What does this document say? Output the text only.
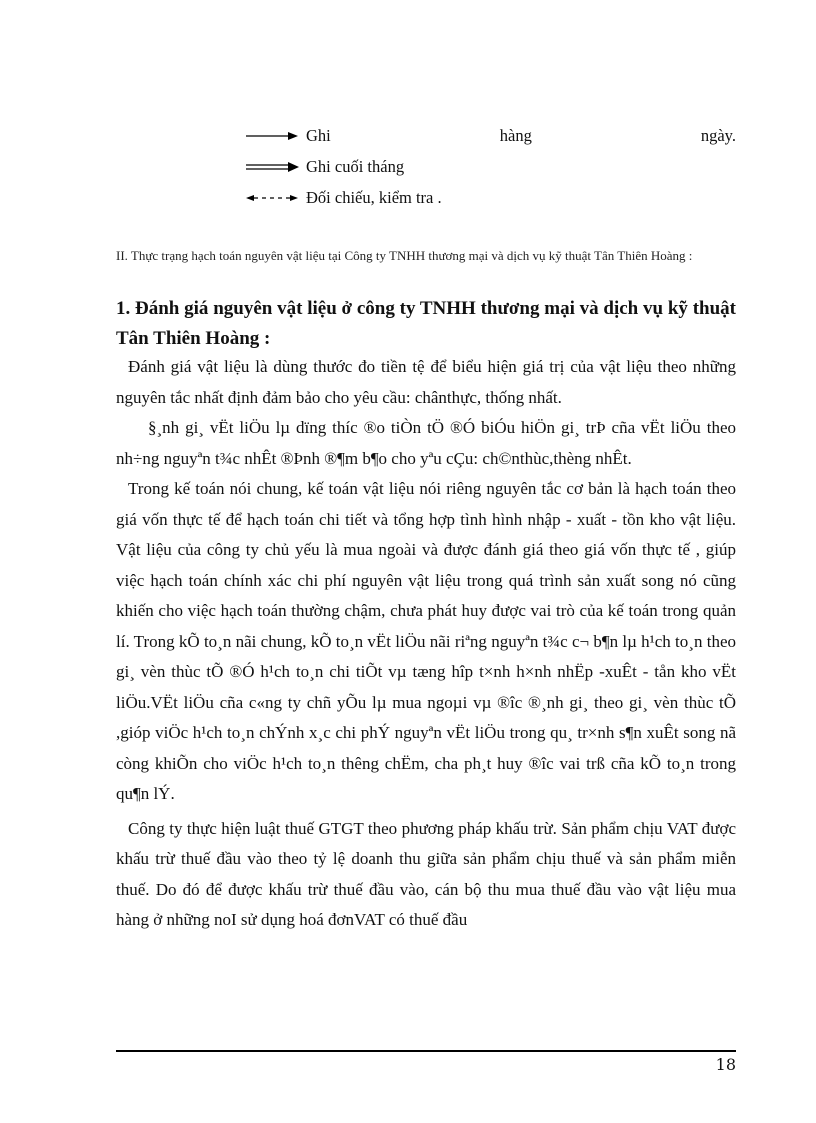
Ghi	hàng	ngày.
Ghi cuối tháng
Đối chiếu, kiểm tra .
II. Thực trạng hạch toán nguyên vật liệu tại Công ty TNHH thương mại và dịch vụ kỹ thuật Tân Thiên Hoàng :
1. Đánh giá nguyên vật liệu ở công ty TNHH thương mại và dịch vụ kỹ thuật Tân Thiên Hoàng :

Đánh giá vật liệu là dùng thước đo tiền tệ để biểu hiện giá trị của vật liệu theo những nguyên tắc nhất định đảm bảo cho yêu cầu: chânthực, thống nhất.

§¸nh gi¸ vËt liÖu lµ dïng thíc ®o tiÒn tÖ ®Ó biÓu hiÖn gi¸ trÞ cña vËt liÖu theo nh÷ng nguyªn t¾c nhÊt ®Þnh ®¶m b¶o cho yªu cÇu: ch©nthùc,thèng nhÊt.

Trong kế toán nói chung, kế toán vật liệu nói riêng nguyên tắc cơ bản là hạch toán theo giá vốn thực tế để hạch toán chi tiết và tổng hợp tình hình nhập - xuất - tồn kho vật liệu. Vật liệu của công ty chủ yếu là mua ngoài và được đánh giá theo giá vốn thực tế , giúp việc hạch toán chính xác chi phí nguyên vật liệu trong quá trình sản xuất song nó cũng khiến cho việc hạch toán thường chậm, chưa phát huy được vai trò của kế toán trong quản lí. Trong kÕ to¸n nãi chung, kÕ to¸n vËt liÖu nãi riªng nguyªn t¾c c¬ b¶n lµ h¹ch to¸n theo gi¸ vèn thùc tÕ ®Ó h¹ch to¸n chi tiÕt vµ tæng hîp t×nh h×nh nhËp -xuÊt - tån kho vËt liÖu.VËt liÖu cña c«ng ty chñ yÕu lµ mua ngoµi vµ ®îc ®¸nh gi¸ theo gi¸ vèn thùc tÕ ,gióp viÖc h¹ch to¸n chÝnh x¸c chi phÝ nguyªn vËt liÖu trong qu¸ tr×nh s¶n xuÊt song nã còng khiÕn cho viÖc h¹ch to¸n thêng chËm, cha ph¸t huy ®îc vai trß cña kÕ to¸n trong qu¶n lÝ.

Công ty thực hiện luật thuế GTGT theo phương pháp khấu trừ. Sản phẩm chịu VAT được khấu trừ thuế đầu vào theo tỷ lệ doanh thu giữa sản phẩm chịu thuế và sản phẩm miễn thuế. Do đó để được khấu trừ thuế đầu vào, cán bộ thu mua thuế đầu vào vật liệu mua hàng ở những noI sử dụng hoá đơnVAT có thuế đầu

18
